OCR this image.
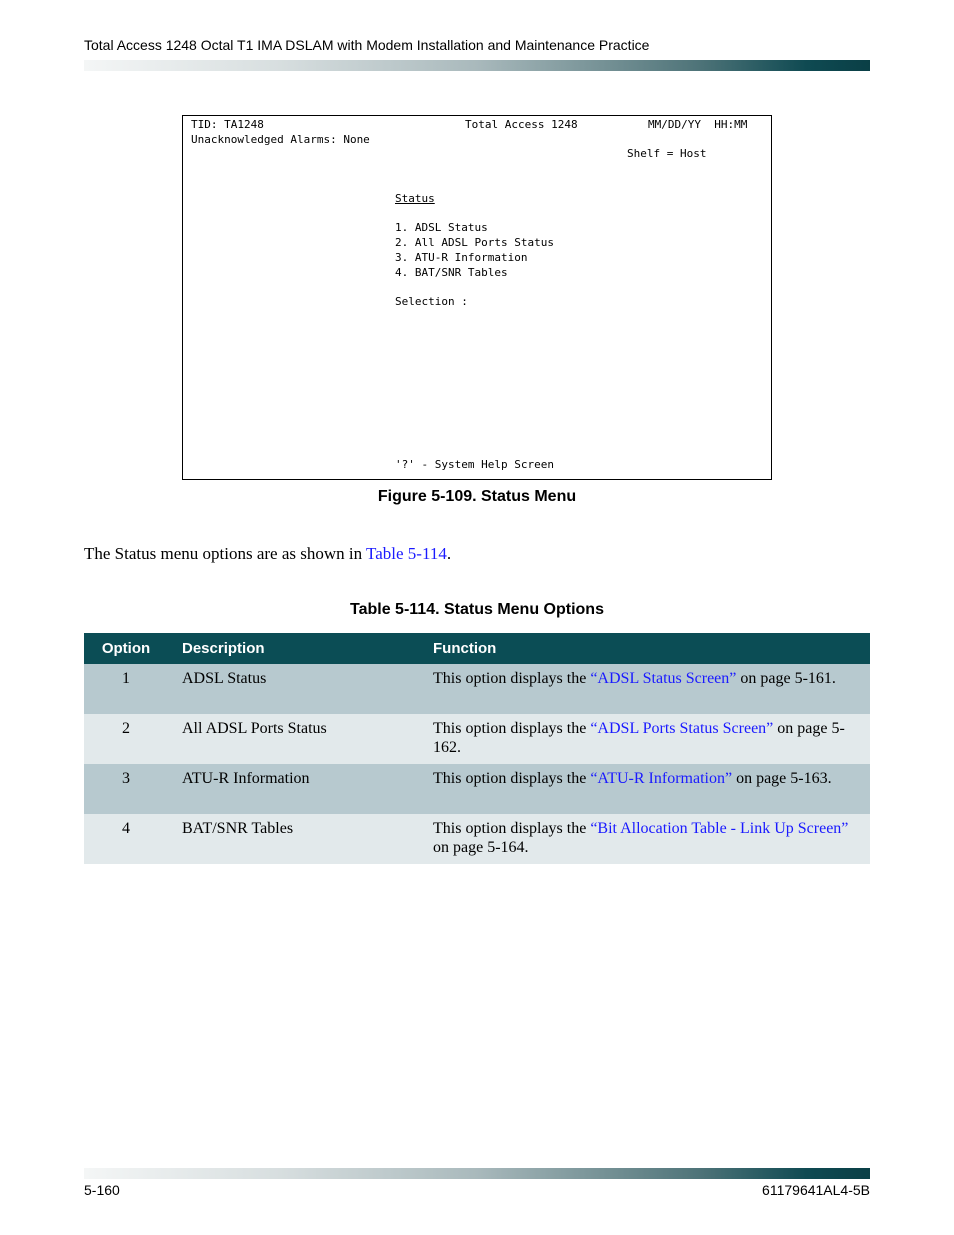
Total Access 1248 Octal T1 IMA DSLAM with Modem Installation and Maintenance Practice
TID: TA1248	Total Access 1248	MM/DD/YY  HH:MM
Unacknowledged Alarms: None
Shelf = Host
Status
1. ADSL Status
2. All ADSL Ports Status
3. ATU-R Information
4. BAT/SNR Tables
Selection :
'?' - System Help Screen
Figure 5-109. Status Menu
The Status menu options are as shown in Table 5-114.
Table 5-114. Status Menu Options
Option	Description	Function
1	ADSL Status	This option displays the “ADSL Status Screen” on page 5-161.
2	All ADSL Ports Status	This option displays the “ADSL Ports Status Screen” on page 5-162.
3	ATU-R Information	This option displays the “ATU-R Information” on page 5-163.
4	BAT/SNR Tables	This option displays the “Bit Allocation Table - Link Up Screen” on page 5-164.
5-160	61179641AL4-5B
